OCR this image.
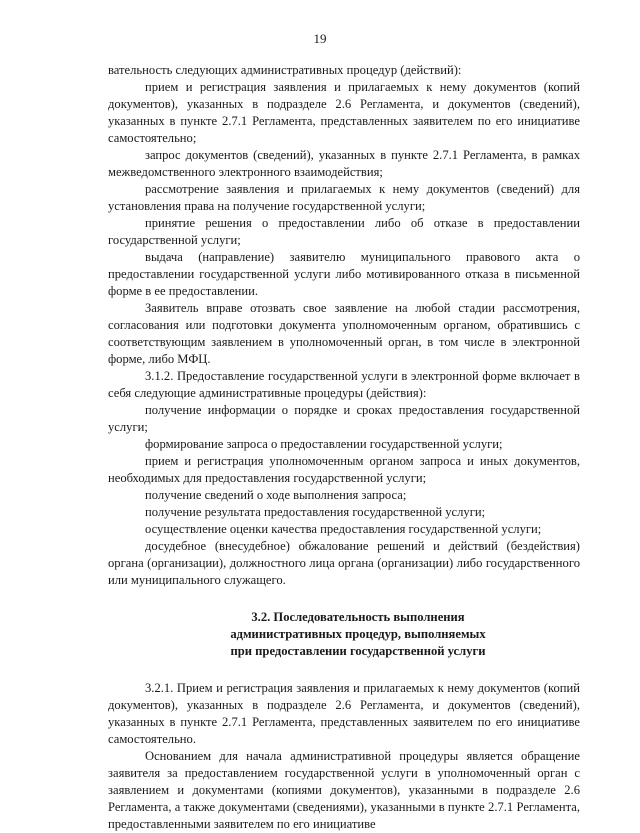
19

вательность следующих административных процедур (действий):

прием и регистрация заявления и прилагаемых к нему документов (копий документов), указанных в подразделе 2.6 Регламента, и документов (сведений), указанных в пункте 2.7.1 Регламента, представленных заявителем по его инициативе самостоятельно;

запрос документов (сведений), указанных в пункте 2.7.1 Регламента, в рамках межведомственного электронного взаимодействия;

рассмотрение заявления и прилагаемых к нему документов (сведений) для установления права на получение государственной услуги;

принятие решения о предоставлении либо об отказе в предоставлении государственной услуги;

выдача (направление) заявителю муниципального правового акта о предоставлении государственной услуги либо мотивированного отказа в письменной форме в ее предоставлении.

Заявитель вправе отозвать свое заявление на любой стадии рассмотрения, согласования или подготовки документа уполномоченным органом, обратившись с соответствующим заявлением в уполномоченный орган, в том числе в электронной форме, либо МФЦ.

3.1.2. Предоставление государственной услуги в электронной форме включает в себя следующие административные процедуры (действия):

получение информации о порядке и сроках предоставления государственной услуги;

формирование запроса о предоставлении государственной услуги;

прием и регистрация уполномоченным органом запроса и иных документов, необходимых для предоставления государственной услуги;

получение сведений о ходе выполнения запроса;

получение результата предоставления государственной услуги;

осуществление оценки качества предоставления государственной услуги;

досудебное (внесудебное) обжалование решений и действий (бездействия) органа (организации), должностного лица органа (организации) либо государственного или муниципального служащего.

3.2. Последовательность выполнения

административных процедур, выполняемых

при предоставлении государственной услуги

3.2.1. Прием и регистрация заявления и прилагаемых к нему документов (копий документов), указанных в подразделе 2.6 Регламента, и документов (сведений), указанных в пункте 2.7.1 Регламента, представленных заявителем по его инициативе самостоятельно.

Основанием для начала административной процедуры является обращение заявителя за предоставлением государственной услуги в уполномоченный орган с заявлением и документами (копиями документов), указанными в подразделе 2.6 Регламента, а также документами (сведениями), указанными в пункте 2.7.1 Регламента, предоставленными заявителем по его инициативе
